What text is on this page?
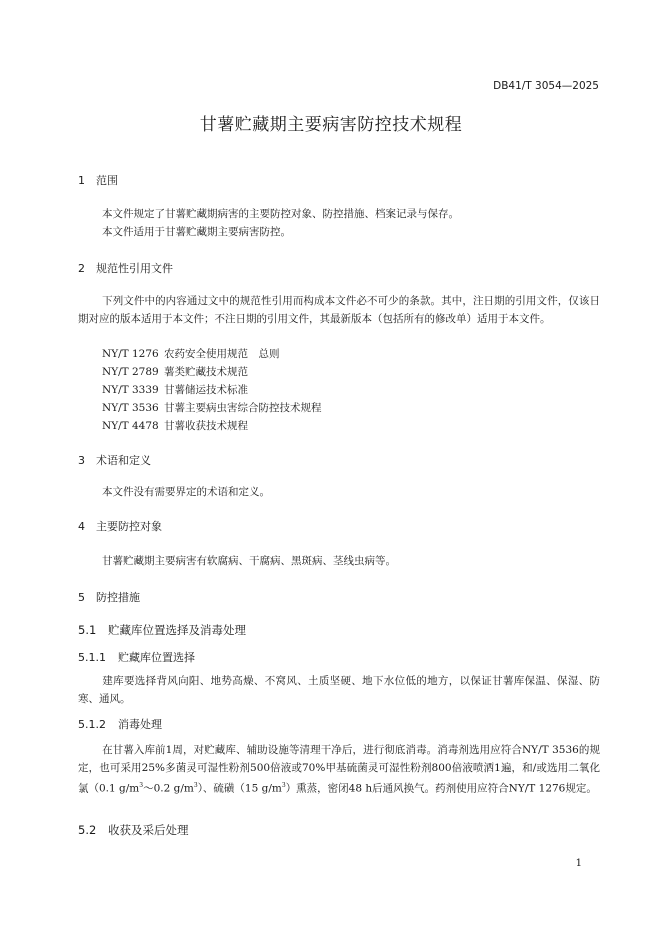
DB41/T 3054—2025
甘薯贮藏期主要病害防控技术规程
1 范围
本文件规定了甘薯贮藏期病害的主要防控对象、防控措施、档案记录与保存。
本文件适用于甘薯贮藏期主要病害防控。
2 规范性引用文件
下列文件中的内容通过文中的规范性引用而构成本文件必不可少的条款。其中，注日期的引用文件，仅该日期对应的版本适用于本文件；不注日期的引用文件，其最新版本（包括所有的修改单）适用于本文件。
NY/T 1276 农药安全使用规范　总则
NY/T 2789 薯类贮藏技术规范
NY/T 3339 甘薯储运技术标准
NY/T 3536 甘薯主要病虫害综合防控技术规程
NY/T 4478 甘薯收获技术规程
3 术语和定义
本文件没有需要界定的术语和定义。
4 主要防控对象
甘薯贮藏期主要病害有软腐病、干腐病、黑斑病、茎线虫病等。
5 防控措施
5.1 贮藏库位置选择及消毒处理
5.1.1 贮藏库位置选择
建库要选择背风向阳、地势高燥、不窝风、土质坚硬、地下水位低的地方，以保证甘薯库保温、保湿、防寒、通风。
5.1.2 消毒处理
在甘薯入库前1周，对贮藏库、辅助设施等清理干净后，进行彻底消毒。消毒剂选用应符合NY/T 3536的规定，也可采用25%多菌灵可湿性粉剂500倍液或70%甲基硫菌灵可湿性粉剂800倍液喷洒1遍，和/或选用二氧化氯（0.1 $g/m^3\sim 0.2$ $g/m^3$）、硫磺（15 $g/m^3$）熏蒸，密闭48 h后通风换气。药剂使用应符合NY/T 1276规定。
5.2 收获及采后处理
1
